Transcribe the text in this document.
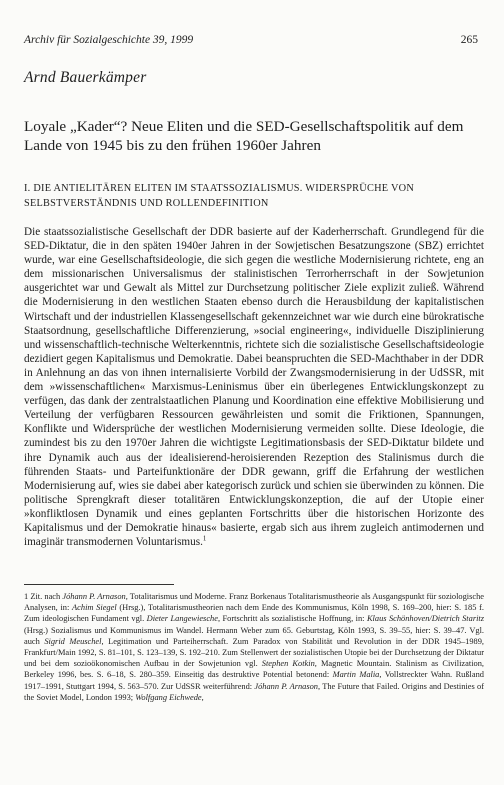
Archiv für Sozialgeschichte 39, 1999	265
Arnd Bauerkämper
Loyale „Kader“? Neue Eliten und die SED-Gesellschaftspolitik auf dem Lande von 1945 bis zu den frühen 1960er Jahren
I. DIE ANTIELITÄREN ELITEN IM STAATSSOZIALISMUS. WIDERSPRÜCHE VON SELBSTVERSTÄNDNIS UND ROLLENDEFINITION
Die staatssozialistische Gesellschaft der DDR basierte auf der Kaderherrschaft. Grundlegend für die SED-Diktatur, die in den späten 1940er Jahren in der Sowjetischen Besatzungszone (SBZ) errichtet wurde, war eine Gesellschaftsideologie, die sich gegen die westliche Modernisierung richtete, eng an dem missionarischen Universalismus der stalinistischen Terrorherrschaft in der Sowjetunion ausgerichtet war und Gewalt als Mittel zur Durchsetzung politischer Ziele explizit zuließ. Während die Modernisierung in den westlichen Staaten ebenso durch die Herausbildung der kapitalistischen Wirtschaft und der industriellen Klassengesellschaft gekennzeichnet war wie durch eine bürokratische Staatsordnung, gesellschaftliche Differenzierung, »social engineering«, individuelle Disziplinierung und wissenschaftlich-technische Welterkenntnis, richtete sich die sozialistische Gesellschaftsideologie dezidiert gegen Kapitalismus und Demokratie. Dabei beanspruchten die SED-Machthaber in der DDR in Anlehnung an das von ihnen internalisierte Vorbild der Zwangsmodernisierung in der UdSSR, mit dem »wissenschaftlichen« Marxismus-Leninismus über ein überlegenes Entwicklungskonzept zu verfügen, das dank der zentralstaatlichen Planung und Koordination eine effektive Mobilisierung und Verteilung der verfügbaren Ressourcen gewährleisten und somit die Friktionen, Spannungen, Konflikte und Widersprüche der westlichen Modernisierung vermeiden sollte. Diese Ideologie, die zumindest bis zu den 1970er Jahren die wichtigste Legitimationsbasis der SED-Diktatur bildete und ihre Dynamik auch aus der idealisierend-heroisierenden Rezeption des Stalinismus durch die führenden Staats- und Parteifunktionäre der DDR gewann, griff die Erfahrung der westlichen Modernisierung auf, wies sie dabei aber kategorisch zurück und schien sie überwinden zu können. Die politische Sprengkraft dieser totalitären Entwicklungskonzeption, die auf der Utopie einer »konfliktlosen Dynamik und eines geplanten Fortschritts über die historischen Horizonte des Kapitalismus und der Demokratie hinaus« basierte, ergab sich aus ihrem zugleich antimodernen und imaginär transmodernen Voluntarismus.$^1$
1 Zit. nach Jóhann P. Arnason, Totalitarismus und Moderne. Franz Borkenaus Totalitarismustheorie als Ausgangspunkt für soziologische Analysen, in: Achim Siegel (Hrsg.), Totalitarismustheorien nach dem Ende des Kommunismus, Köln 1998, S. 169–200, hier: S. 185 f. Zum ideologischen Fundament vgl. Dieter Langewiesche, Fortschritt als sozialistische Hoffnung, in: Klaus Schönhoven/Dietrich Staritz (Hrsg.) Sozialismus und Kommunismus im Wandel. Hermann Weber zum 65. Geburtstag, Köln 1993, S. 39–55, hier: S. 39–47. Vgl. auch Sigrid Meuschel, Legitimation und Parteiherrschaft. Zum Paradox von Stabilität und Revolution in der DDR 1945–1989, Frankfurt/Main 1992, S. 81–101, S. 123–139, S. 192–210. Zum Stellenwert der sozialistischen Utopie bei der Durchsetzung der Diktatur und bei dem sozioökonomischen Aufbau in der Sowjetunion vgl. Stephen Kotkin, Magnetic Mountain. Stalinism as Civilization, Berkeley 1996, bes. S. 6–18, S. 280–359. Einseitig das destruktive Potential betonend: Martin Malia, Vollstreckter Wahn. Rußland 1917–1991, Stuttgart 1994, S. 563–570. Zur UdSSR weiterführend: Jóhann P. Arnason, The Future that Failed. Origins and Destinies of the Soviet Model, London 1993; Wolfgang Eichwede,
